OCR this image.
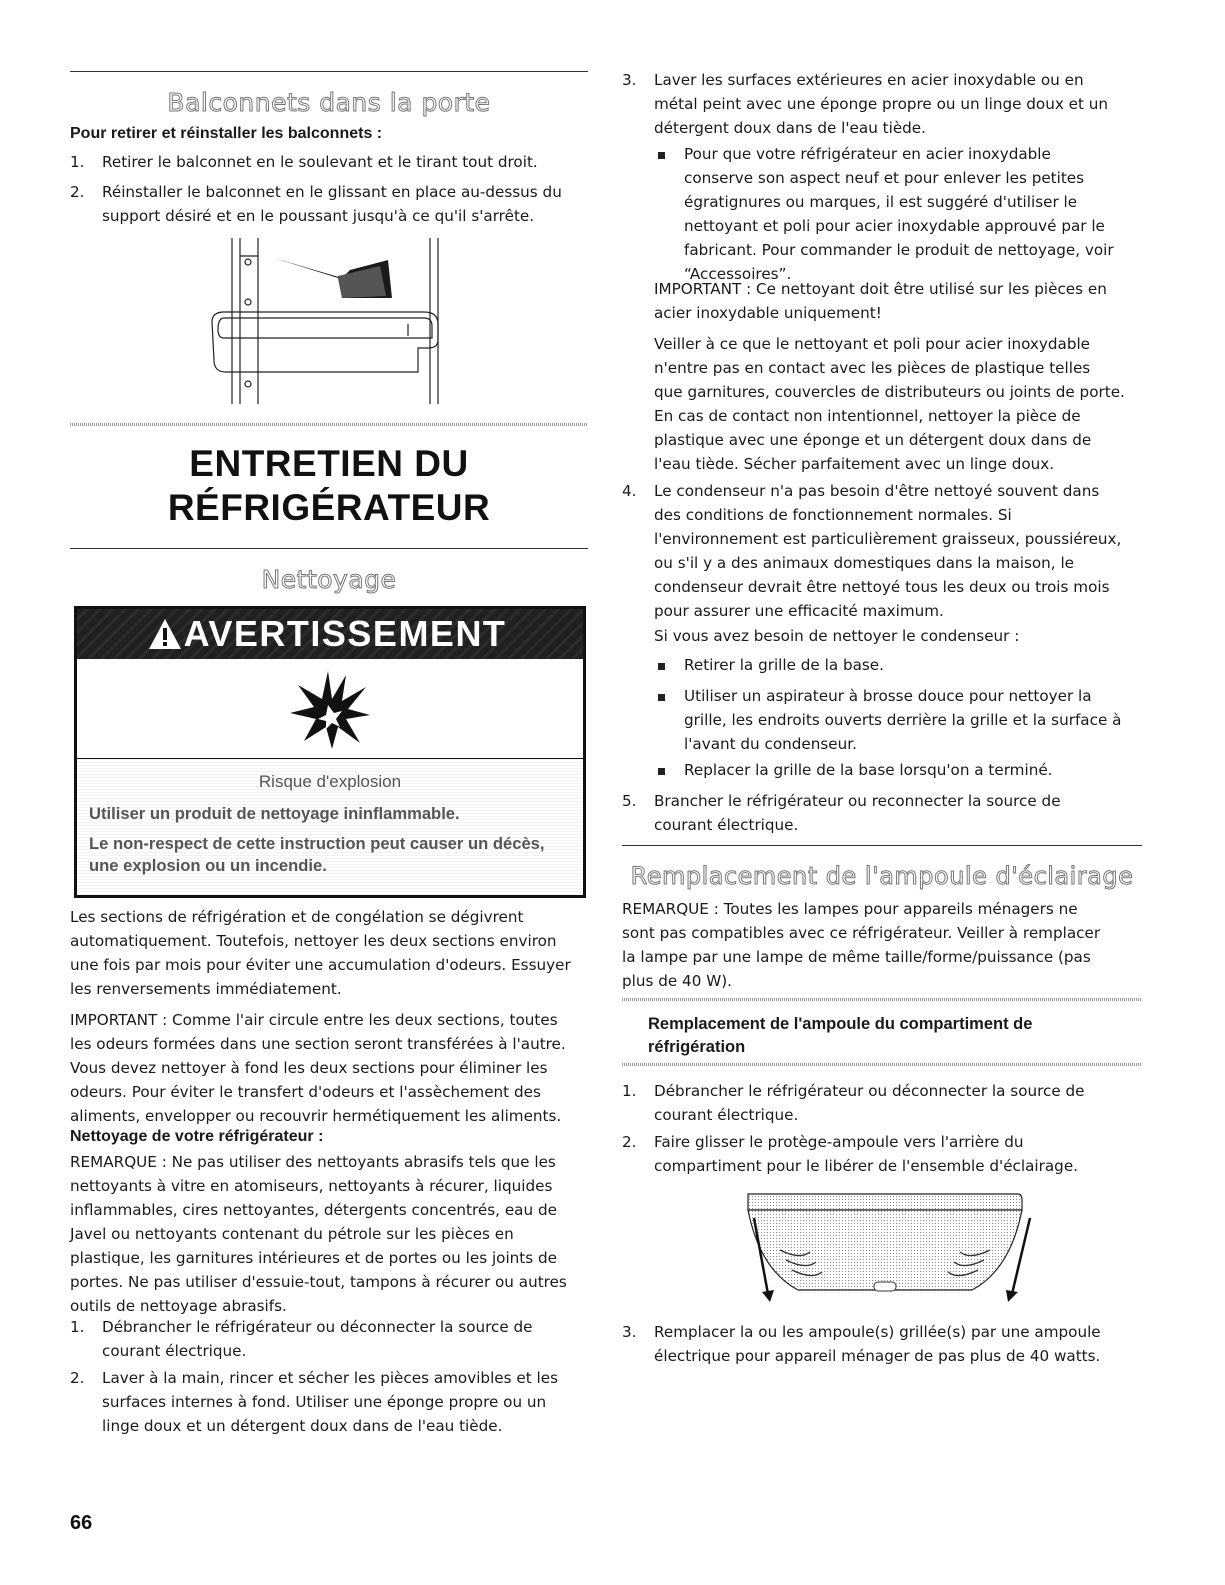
Balconnets dans la porte
Pour retirer et réinstaller les balconnets :
1. Retirer le balconnet en le soulevant et le tirant tout droit.
2. Réinstaller le balconnet en le glissant en place au-dessus du
support désiré et en le poussant jusqu'à ce qu'il s'arrête.
ENTRETIEN DU
RÉFRIGÉRATEUR
Nettoyage
AVERTISSEMENT
Risque d'explosion
Utiliser un produit de nettoyage ininflammable.
Le non-respect de cette instruction peut causer un décès,
une explosion ou un incendie.
Les sections de réfrigération et de congélation se dégivrent
automatiquement. Toutefois, nettoyer les deux sections environ
une fois par mois pour éviter une accumulation d'odeurs. Essuyer
les renversements immédiatement.
IMPORTANT : Comme l'air circule entre les deux sections, toutes
les odeurs formées dans une section seront transférées à l'autre.
Vous devez nettoyer à fond les deux sections pour éliminer les
odeurs. Pour éviter le transfert d'odeurs et l'assèchement des
aliments, envelopper ou recouvrir hermétiquement les aliments.
Nettoyage de votre réfrigérateur :
REMARQUE : Ne pas utiliser des nettoyants abrasifs tels que les
nettoyants à vitre en atomiseurs, nettoyants à récurer, liquides
inflammables, cires nettoyantes, détergents concentrés, eau de
Javel ou nettoyants contenant du pétrole sur les pièces en
plastique, les garnitures intérieures et de portes ou les joints de
portes. Ne pas utiliser d'essuie-tout, tampons à récurer ou autres
outils de nettoyage abrasifs.
1. Débrancher le réfrigérateur ou déconnecter la source de
courant électrique.
2. Laver à la main, rincer et sécher les pièces amovibles et les
surfaces internes à fond. Utiliser une éponge propre ou un
linge doux et un détergent doux dans de l'eau tiède.
66
3. Laver les surfaces extérieures en acier inoxydable ou en
métal peint avec une éponge propre ou un linge doux et un
détergent doux dans de l'eau tiède.
Pour que votre réfrigérateur en acier inoxydable
conserve son aspect neuf et pour enlever les petites
égratignures ou marques, il est suggéré d'utiliser le
nettoyant et poli pour acier inoxydable approuvé par le
fabricant. Pour commander le produit de nettoyage, voir
“Accessoires”.
IMPORTANT : Ce nettoyant doit être utilisé sur les pièces en
acier inoxydable uniquement!
Veiller à ce que le nettoyant et poli pour acier inoxydable
n'entre pas en contact avec les pièces de plastique telles
que garnitures, couvercles de distributeurs ou joints de porte.
En cas de contact non intentionnel, nettoyer la pièce de
plastique avec une éponge et un détergent doux dans de
l'eau tiède. Sécher parfaitement avec un linge doux.
4. Le condenseur n'a pas besoin d'être nettoyé souvent dans
des conditions de fonctionnement normales. Si
l'environnement est particulièrement graisseux, poussiéreux,
ou s'il y a des animaux domestiques dans la maison, le
condenseur devrait être nettoyé tous les deux ou trois mois
pour assurer une efficacité maximum.
Si vous avez besoin de nettoyer le condenseur :
Retirer la grille de la base.
Utiliser un aspirateur à brosse douce pour nettoyer la
grille, les endroits ouverts derrière la grille et la surface à
l'avant du condenseur.
Replacer la grille de la base lorsqu'on a terminé.
5. Brancher le réfrigérateur ou reconnecter la source de
courant électrique.
Remplacement de l'ampoule d'éclairage
REMARQUE : Toutes les lampes pour appareils ménagers ne
sont pas compatibles avec ce réfrigérateur. Veiller à remplacer
la lampe par une lampe de même taille/forme/puissance (pas
plus de 40 W).
Remplacement de l'ampoule du compartiment de
réfrigération
1. Débrancher le réfrigérateur ou déconnecter la source de
courant électrique.
2. Faire glisser le protège-ampoule vers l'arrière du
compartiment pour le libérer de l'ensemble d'éclairage.
3. Remplacer la ou les ampoule(s) grillée(s) par une ampoule
électrique pour appareil ménager de pas plus de 40 watts.
